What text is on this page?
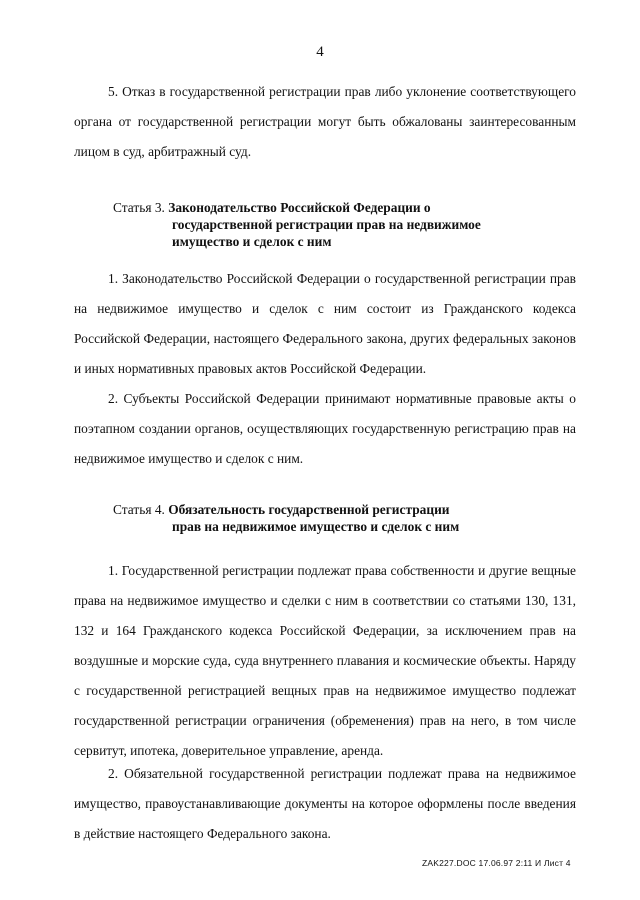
4

5. Отказ в государственной регистрации прав либо уклонение соответствующего органа от государственной регистрации могут быть обжалованы заинтересованным лицом в суд, арбитражный суд.

Статья 3. Законодательство Российской Федерации о
государственной регистрации прав на недвижимое
имущество и сделок с ним

1. Законодательство Российской Федерации о государственной регистрации прав на недвижимое имущество и сделок с ним состоит из Гражданского кодекса Российской Федерации, настоящего Федерального закона, других федеральных законов и иных нормативных правовых актов Российской Федерации.

2. Субъекты Российской Федерации принимают нормативные правовые акты о поэтапном создании органов, осуществляющих государственную регистрацию прав на недвижимое имущество и сделок с ним.

Статья 4. Обязательность государственной регистрации
прав на недвижимое имущество и сделок с ним

1. Государственной регистрации подлежат права собственности и другие вещные права на недвижимое имущество и сделки с ним в соответствии со статьями 130, 131, 132 и 164 Гражданского кодекса Российской Федерации, за исключением прав на воздушные и морские суда, суда внутреннего плавания и космические объекты. Наряду с государственной регистрацией вещных прав на недвижимое имущество подлежат государственной регистрации ограничения (обременения) прав на него, в том числе сервитут, ипотека, доверительное управление, аренда.

2. Обязательной государственной регистрации подлежат права на недвижимое имущество, правоустанавливающие документы на которое оформлены после введения в действие настоящего Федерального закона.

ZAK227.DOC 17.06.97 2:11 И Лист 4
